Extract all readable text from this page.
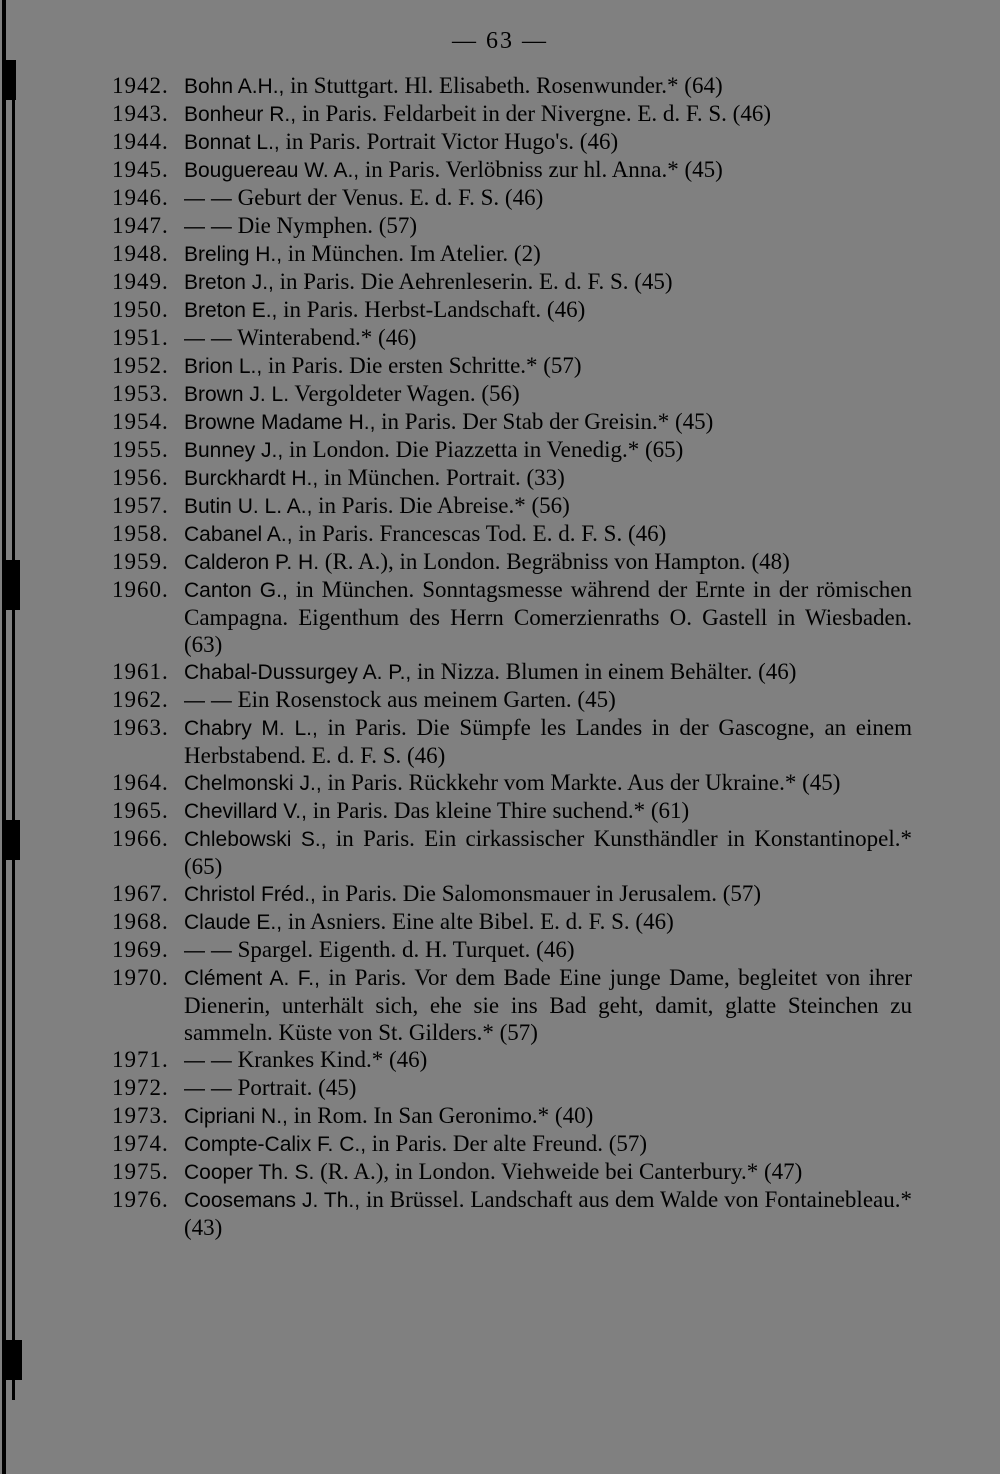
— 63 —
1942. Bohn A.H., in Stuttgart. Hl. Elisabeth. Rosenwunder.* (64)
1943. Bonheur R., in Paris. Feldarbeit in der Nivergne. E. d. F. S. (46)
1944. Bonnat L., in Paris. Portrait Victor Hugo's. (46)
1945. Bouguereau W. A., in Paris. Verlöbniss zur hl. Anna.* (45)
1946. — — Geburt der Venus. E. d. F. S. (46)
1947. — — Die Nymphen. (57)
1948. Breling H., in München. Im Atelier. (2)
1949. Breton J., in Paris. Die Aehrenleserin. E. d. F. S. (45)
1950. Breton E., in Paris. Herbst-Landschaft. (46)
1951. — — Winterabend.* (46)
1952. Brion L., in Paris. Die ersten Schritte.* (57)
1953. Brown J. L. Vergoldeter Wagen. (56)
1954. Browne Madame H., in Paris. Der Stab der Greisin.* (45)
1955. Bunney J., in London. Die Piazzetta in Venedig.* (65)
1956. Burckhardt H., in München. Portrait. (33)
1957. Butin U. L. A., in Paris. Die Abreise.* (56)
1958. Cabanel A., in Paris. Francescas Tod. E. d. F. S. (46)
1959. Calderon P. H. (R. A.), in London. Begräbniss von Hampton. (48)
1960. Canton G., in München. Sonntagsmesse während der Ernte in der römischen Campagna. Eigenthum des Herrn Comerzienraths O. Gastell in Wiesbaden. (63)
1961. Chabal-Dussurgey A. P., in Nizza. Blumen in einem Behälter. (46)
1962. — — Ein Rosenstock aus meinem Garten. (45)
1963. Chabry M. L., in Paris. Die Sümpfe les Landes in der Gascogne, an einem Herbstabend. E. d. F. S. (46)
1964. Chelmonski J., in Paris. Rückkehr vom Markte. Aus der Ukraine.* (45)
1965. Chevillard V., in Paris. Das kleine Thire suchend.* (61)
1966. Chlebowski S., in Paris. Ein cirkassischer Kunsthändler in Konstantinopel.* (65)
1967. Christol Fréd., in Paris. Die Salomonsmauer in Jerusalem. (57)
1968. Claude E., in Asniers. Eine alte Bibel. E. d. F. S. (46)
1969. — — Spargel. Eigenth. d. H. Turquet. (46)
1970. Clément A. F., in Paris. Vor dem Bade Eine junge Dame, begleitet von ihrer Dienerin, unterhält sich, ehe sie ins Bad geht, damit, glatte Steinchen zu sammeln. Küste von St. Gilders.* (57)
1971. — — Krankes Kind.* (46)
1972. — — Portrait. (45)
1973. Cipriani N., in Rom. In San Geronimo.* (40)
1974. Compte-Calix F. C., in Paris. Der alte Freund. (57)
1975. Cooper Th. S. (R. A.), in London. Viehweide bei Canterbury.* (47)
1976. Coosemans J. Th., in Brüssel. Landschaft aus dem Walde von Fontainebleau.* (43)
